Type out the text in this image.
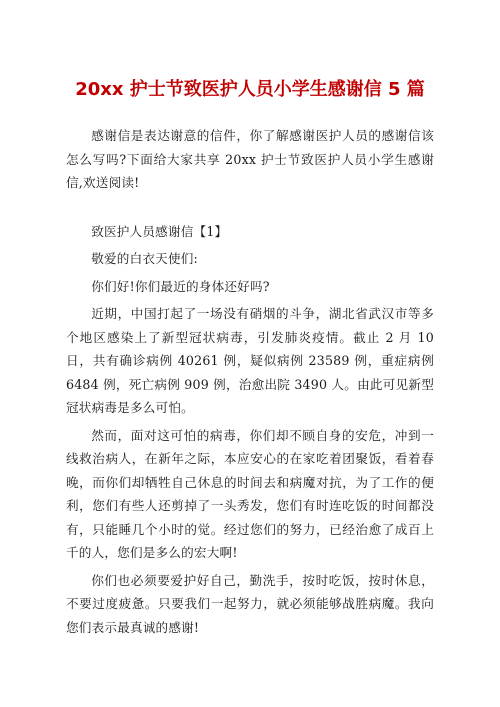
20xx 护士节致医护人员小学生感谢信 5 篇

感谢信是表达谢意的信件，你了解感谢医护人员的感谢信该怎么写吗?下面给大家共享 20xx 护士节致医护人员小学生感谢信,欢送阅读!

致医护人员感谢信【1】

敬爱的白衣天使们:

你们好!你们最近的身体还好吗?

近期，中国打起了一场没有硝烟的斗争，湖北省武汉市等多个地区感染上了新型冠状病毒，引发肺炎疫情。截止 2 月 10 日，共有确诊病例 40261 例，疑似病例 23589 例，重症病例 6484 例，死亡病例 909 例，治愈出院 3490 人。由此可见新型冠状病毒是多么可怕。

然而，面对这可怕的病毒，你们却不顾自身的安危，冲到一线救治病人，在新年之际，本应安心的在家吃着团聚饭，看着春晚，而你们却牺牲自己休息的时间去和病魔对抗，为了工作的便利，您们有些人还剪掉了一头秀发，您们有时连吃饭的时间都没有，只能睡几个小时的觉。经过您们的努力，已经治愈了成百上千的人，您们是多么的宏大啊!

你们也必须要爱护好自己，勤洗手，按时吃饭，按时休息，不要过度疲惫。只要我们一起努力，就必须能够战胜病魔。我向您们表示最真诚的感谢!
